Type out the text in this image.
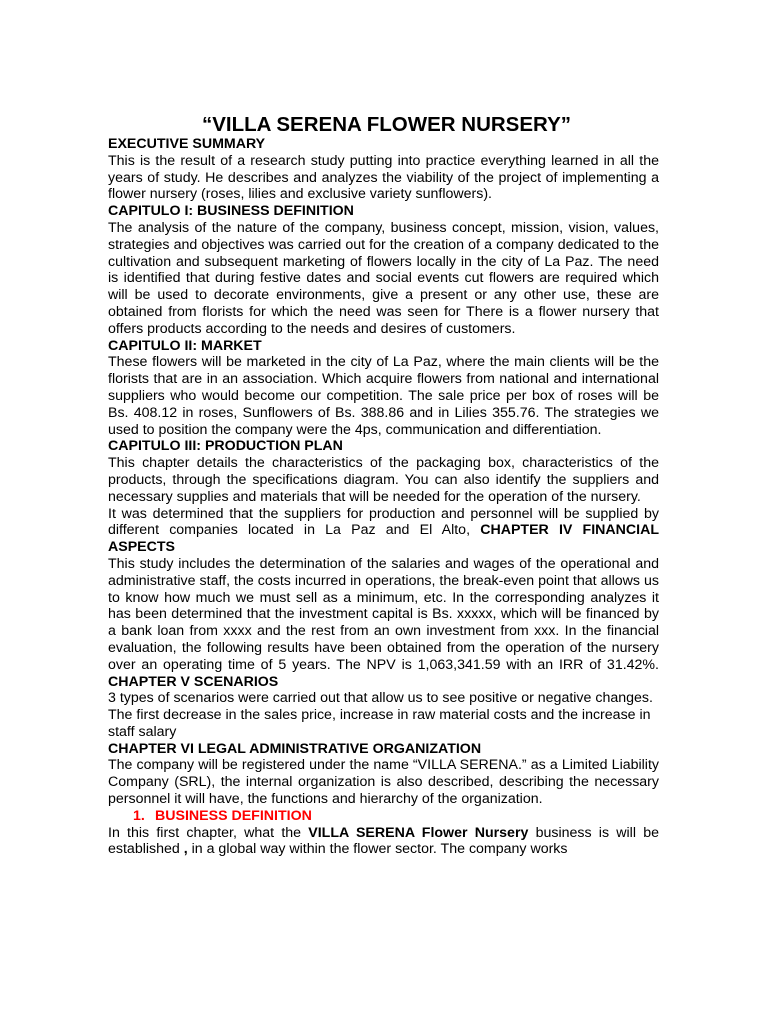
“VILLA SERENA FLOWER NURSERY”

EXECUTIVE SUMMARY

This is the result of a research study putting into practice everything learned in all the years of study. He describes and analyzes the viability of the project of implementing a flower nursery (roses, lilies and exclusive variety sunflowers).

CAPITULO I: BUSINESS DEFINITION

The analysis of the nature of the company, business concept, mission, vision, values, strategies and objectives was carried out for the creation of a company dedicated to the cultivation and subsequent marketing of flowers locally in the city of La Paz. The need is identified that during festive dates and social events cut flowers are required which will be used to decorate environments, give a present or any other use, these are obtained from florists for which the need was seen for There is a flower nursery that offers products according to the needs and desires of customers.

CAPITULO II: MARKET

These flowers will be marketed in the city of La Paz, where the main clients will be the florists that are in an association. Which acquire flowers from national and international suppliers who would become our competition. The sale price per box of roses will be Bs. 408.12 in roses, Sunflowers of Bs. 388.86 and in Lilies 355.76. The strategies we used to position the company were the 4ps, communication and differentiation.

CAPITULO III: PRODUCTION PLAN

This chapter details the characteristics of the packaging box, characteristics of the products, through the specifications diagram. You can also identify the suppliers and necessary supplies and materials that will be needed for the operation of the nursery.

It was determined that the suppliers for production and personnel will be supplied by different companies located in La Paz and El Alto, CHAPTER IV FINANCIAL ASPECTS

This study includes the determination of the salaries and wages of the operational and administrative staff, the costs incurred in operations, the break-even point that allows us to know how much we must sell as a minimum, etc. In the corresponding analyzes it has been determined that the investment capital is Bs. xxxxx, which will be financed by a bank loan from xxxx and the rest from an own investment from xxx. In the financial evaluation, the following results have been obtained from the operation of the nursery over an operating time of 5 years. The NPV is 1,063,341.59 with an IRR of 31.42%. CHAPTER V SCENARIOS

3 types of scenarios were carried out that allow us to see positive or negative changes. The first decrease in the sales price, increase in raw material costs and the increase in staff salary

CHAPTER VI LEGAL ADMINISTRATIVE ORGANIZATION

The company will be registered under the name “VILLA SERENA.” as a Limited Liability Company (SRL), the internal organization is also described, describing the necessary personnel it will have, the functions and hierarchy of the organization.

1. BUSINESS DEFINITION

In this first chapter, what the VILLA SERENA Flower Nursery business is will be established , in a global way within the flower sector. The company works
